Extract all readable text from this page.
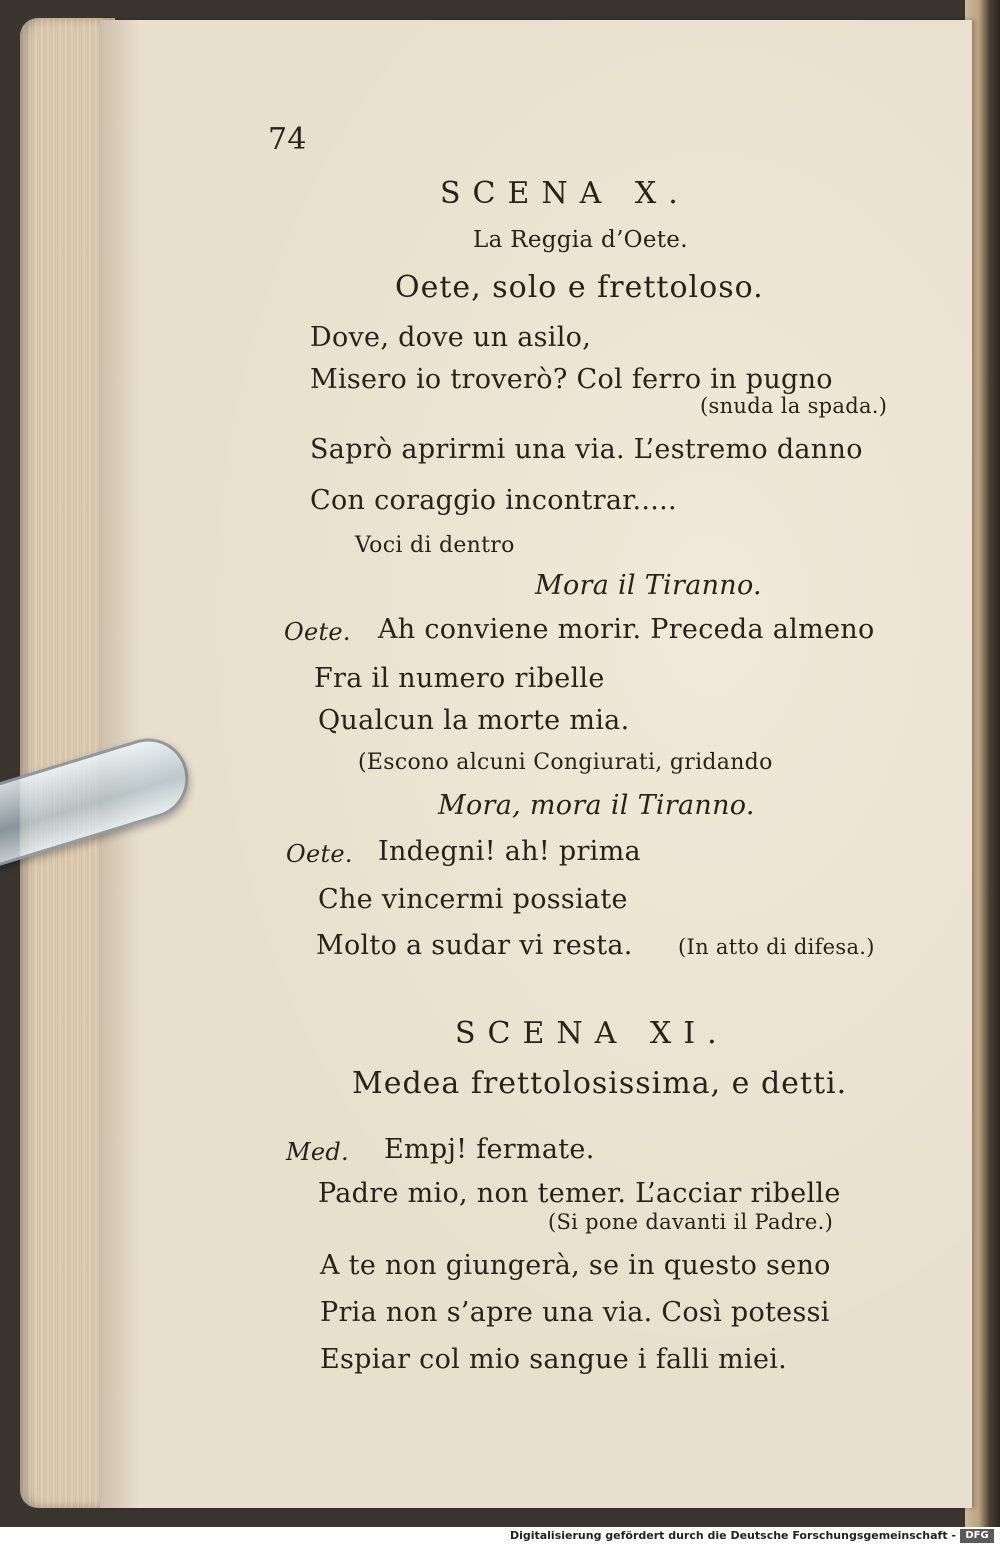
74
SCENA X.
La Reggia d’Oete.
Oete, solo e frettoloso.
Dove, dove un asilo,
Misero io troverò? Col ferro in pugno
(snuda la spada.)
Saprò aprirmi una via. L’estremo danno
Con coraggio incontrar.....
Voci di dentro
Mora il Tiranno.
Oete. Ah conviene morir. Preceda almeno
Fra il numero ribelle
Qualcun la morte mia.
(Escono alcuni Congiurati, gridando
Mora, mora il Tiranno.
Oete. Indegni! ah! prima
Che vincermi possiate
Molto a sudar vi resta. (In atto di difesa.)
SCENA XI.
Medea frettolosissima, e detti.
Med. Empj! fermate.
Padre mio, non temer. L’acciar ribelle
(Si pone davanti il Padre.)
A te non giungerà, se in questo seno
Pria non s’apre una via. Così potessi
Espiar col mio sangue i falli miei.
Digitalisierung gefördert durch die Deutsche Forschungsgemeinschaft - DFG
